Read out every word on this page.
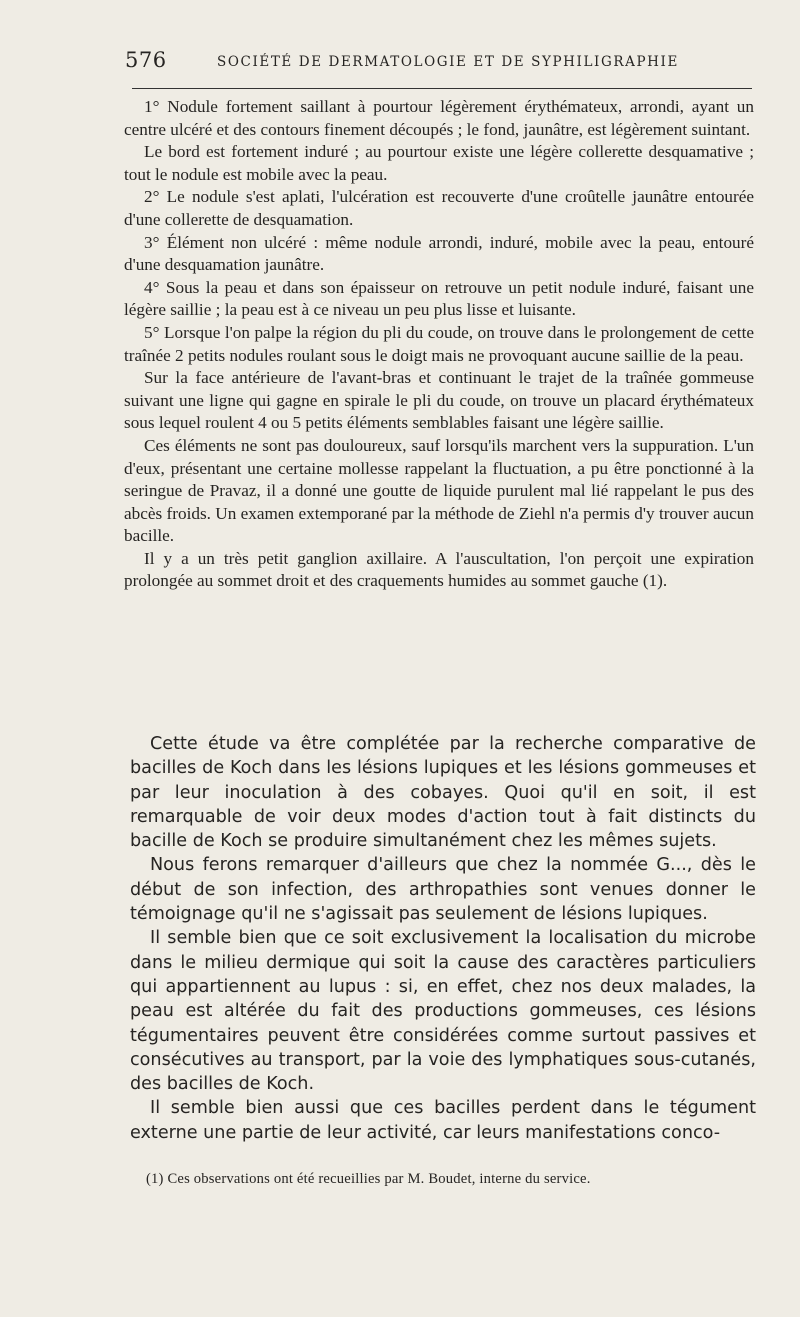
576	SOCIÉTÉ DE DERMATOLOGIE ET DE SYPHILIGRAPHIE

1° Nodule fortement saillant à pourtour légèrement érythémateux, arrondi, ayant un centre ulcéré et des contours finement découpés ; le fond, jaunâtre, est légèrement suintant.

Le bord est fortement induré ; au pourtour existe une légère collerette desquamative ; tout le nodule est mobile avec la peau.

2° Le nodule s'est aplati, l'ulcération est recouverte d'une croûtelle jaunâtre entourée d'une collerette de desquamation.

3° Élément non ulcéré : même nodule arrondi, induré, mobile avec la peau, entouré d'une desquamation jaunâtre.

4° Sous la peau et dans son épaisseur on retrouve un petit nodule induré, faisant une légère saillie ; la peau est à ce niveau un peu plus lisse et luisante.

5° Lorsque l'on palpe la région du pli du coude, on trouve dans le prolongement de cette traînée 2 petits nodules roulant sous le doigt mais ne provoquant aucune saillie de la peau.

Sur la face antérieure de l'avant-bras et continuant le trajet de la traînée gommeuse suivant une ligne qui gagne en spirale le pli du coude, on trouve un placard érythémateux sous lequel roulent 4 ou 5 petits éléments semblables faisant une légère saillie.

Ces éléments ne sont pas douloureux, sauf lorsqu'ils marchent vers la suppuration. L'un d'eux, présentant une certaine mollesse rappelant la fluctuation, a pu être ponctionné à la seringue de Pravaz, il a donné une goutte de liquide purulent mal lié rappelant le pus des abcès froids. Un examen extemporané par la méthode de Ziehl n'a permis d'y trouver aucun bacille.

Il y a un très petit ganglion axillaire. A l'auscultation, l'on perçoit une expiration prolongée au sommet droit et des craquements humides au sommet gauche (1).

Cette étude va être complétée par la recherche comparative de bacilles de Koch dans les lésions lupiques et les lésions gommeuses et par leur inoculation à des cobayes. Quoi qu'il en soit, il est remarquable de voir deux modes d'action tout à fait distincts du bacille de Koch se produire simultanément chez les mêmes sujets.

Nous ferons remarquer d'ailleurs que chez la nommée G..., dès le début de son infection, des arthropathies sont venues donner le témoignage qu'il ne s'agissait pas seulement de lésions lupiques.

Il semble bien que ce soit exclusivement la localisation du microbe dans le milieu dermique qui soit la cause des caractères particuliers qui appartiennent au lupus : si, en effet, chez nos deux malades, la peau est altérée du fait des productions gommeuses, ces lésions tégumentaires peuvent être considérées comme surtout passives et consécutives au transport, par la voie des lymphatiques sous-cutanés, des bacilles de Koch.

Il semble bien aussi que ces bacilles perdent dans le tégument externe une partie de leur activité, car leurs manifestations conco-

(1) Ces observations ont été recueillies par M. Boudet, interne du service.
